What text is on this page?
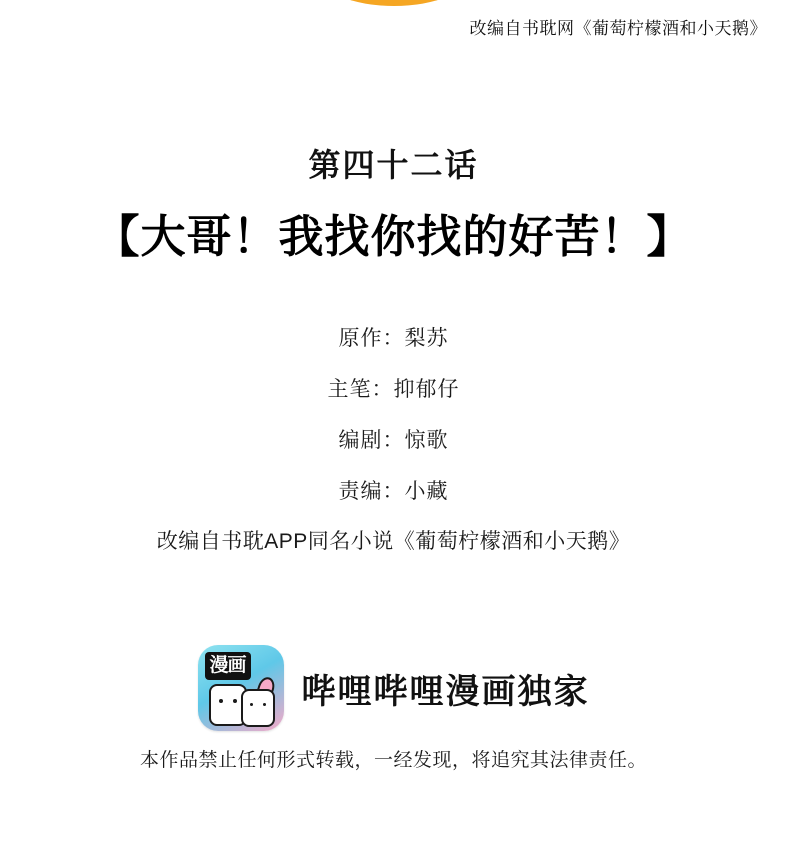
改编自书耽网《葡萄柠檬酒和小天鹅》
第四十二话
【大哥！我找你找的好苦！】
原作：梨苏
主笔：抑郁仔
编剧：惊歌
责编：小藏
改编自书耽APP同名小说《葡萄柠檬酒和小天鹅》
漫画
哔哩哔哩漫画独家
本作品禁止任何形式转载，一经发现，将追究其法律责任。
